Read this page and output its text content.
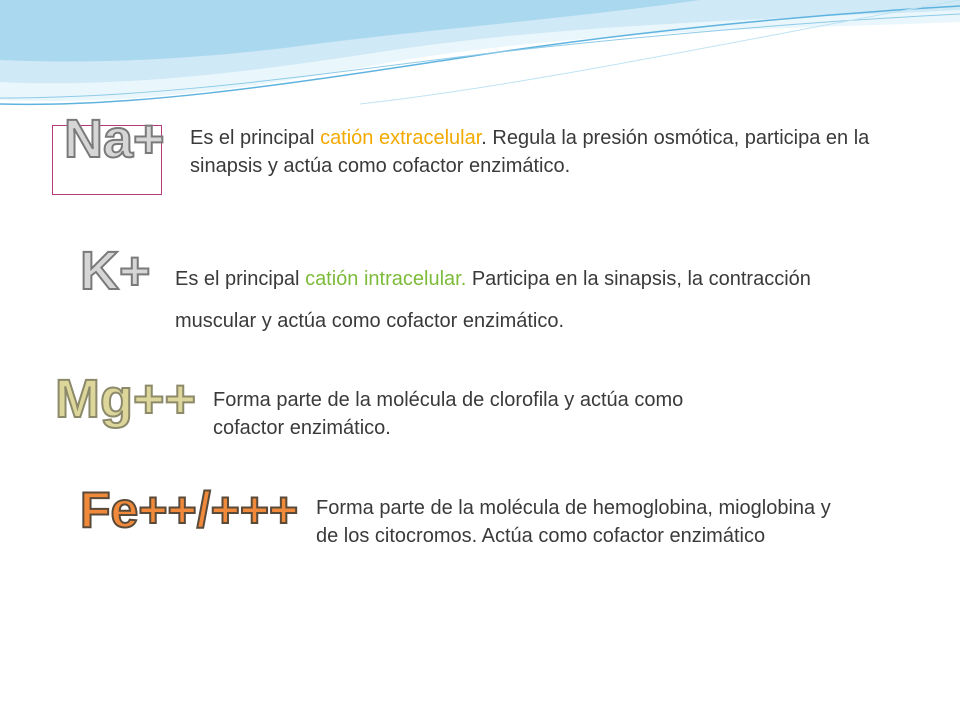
Na+ Es el principal catión extracelular. Regula la presión osmótica, participa en la sinapsis y actúa como cofactor enzimático.

K+ Es el principal catión intracelular. Participa en la sinapsis, la contracción muscular y actúa como cofactor enzimático.

Mg++ Forma parte de la molécula de clorofila y actúa como cofactor enzimático.

Fe++/+++ Forma parte de la molécula de hemoglobina, mioglobina y de los citocromos. Actúa como cofactor enzimático
